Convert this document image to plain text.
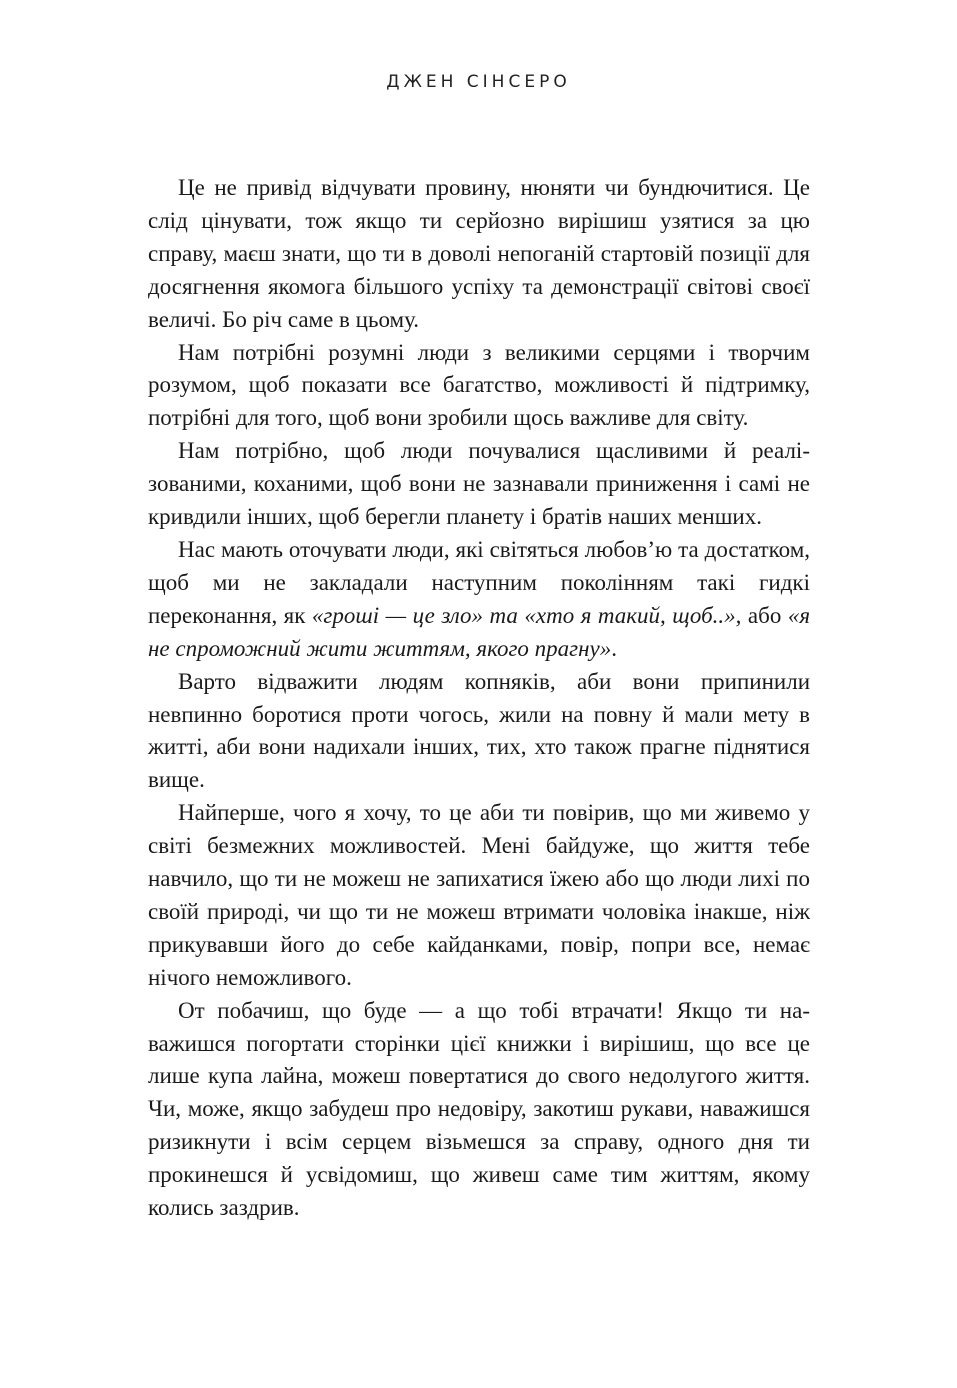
ДЖЕН СІНСЕРО

Це не привід відчувати провину, нюняти чи бундючитися. Це слід цінувати, тож якщо ти серйозно вирішиш узятися за цю справу, маєш знати, що ти в доволі непоганій стартовій позиції для досягнення якомога більшого успіху та демонстрації світові своєї величі. Бо річ саме в цьому.

Нам потрібні розумні люди з великими серцями і творчим розумом, щоб показати все багатство, можливості й підтримку, потрібні для того, щоб вони зробили щось важливе для світу.

Нам потрібно, щоб люди почувалися щасливими й реалізованими, коханими, щоб вони не зазнавали приниження і самі не кривдили інших, щоб берегли планету і братів наших менших.

Нас мають оточувати люди, які світяться любов’ю та достатком, щоб ми не закладали наступним поколінням такі гидкі переконання, як «гроші — це зло» та «хто я такий, щоб..», або «я не спроможний жити життям, якого прагну».

Варто відважити людям копняків, аби вони припинили невпинно боротися проти чогось, жили на повну й мали мету в житті, аби вони надихали інших, тих, хто також прагне піднятися вище.

Найперше, чого я хочу, то це аби ти повірив, що ми живемо у світі безмежних можливостей. Мені байдуже, що життя тебе навчило, що ти не можеш не запихатися їжею або що люди лихі по своїй природі, чи що ти не можеш втримати чоловіка інакше, ніж прикувавши його до себе кайданками, повір, попри все, немає нічого неможливого.

От побачиш, що буде — а що тобі втрачати! Якщо ти наважишся погортати сторінки цієї книжки і вирішиш, що все це лише купа лайна, можеш повертатися до свого недолугого життя. Чи, може, якщо забудеш про недовіру, закотиш рукави, наважишся ризикнути і всім серцем візьмешся за справу, одного дня ти прокинешся й усвідомиш, що живеш саме тим життям, якому колись заздрив.
